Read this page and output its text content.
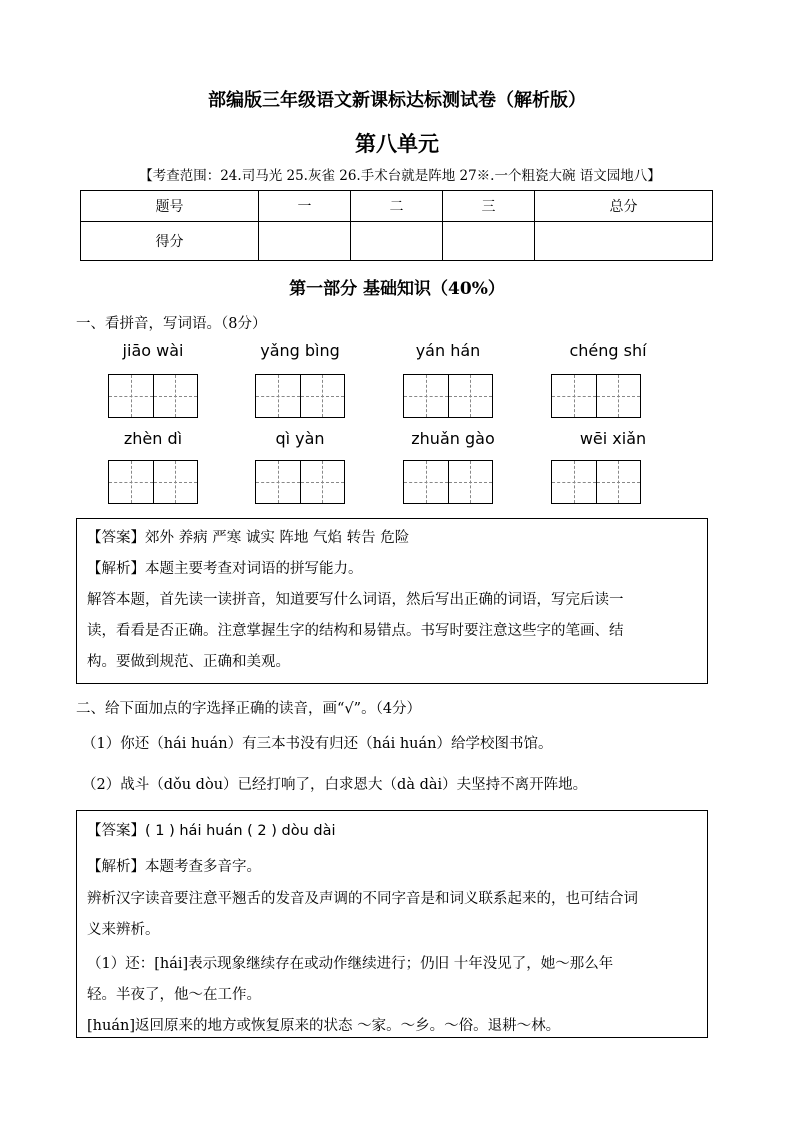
部编版三年级语文新课标达标测试卷（解析版）
第八单元
【考查范围：24.司马光 25.灰雀 26.手术台就是阵地 27※.一个粗瓷大碗 语文园地八】
题号	一	二	三	总分
得分				
第一部分 基础知识（40%）
一、看拼音，写词语。（8分）
jiāo wài	yǎng bìng	yán hán	chéng shí
zhèn dì	qì yàn	zhuǎn gào	wēi xiǎn
【答案】郊外 养病 严寒 诚实 阵地 气焰 转告 危险
【解析】本题主要考查对词语的拼写能力。
解答本题，首先读一读拼音，知道要写什么词语，然后写出正确的词语，写完后读一
读，看看是否正确。注意掌握生字的结构和易错点。书写时要注意这些字的笔画、结
构。要做到规范、正确和美观。
二、给下面加点的字选择正确的读音，画“√”。（4分）
（1）你还（hái huán）有三本书没有归还（hái huán）给学校图书馆。
（2）战斗（dǒu dòu）已经打响了，白求恩大（dà dài）夫坚持不离开阵地。
【答案】( 1 ) hái huán ( 2 ) dòu dài
【解析】本题考查多音字。
辨析汉字读音要注意平翘舌的发音及声调的不同字音是和词义联系起来的，也可结合词
义来辨析。
（1）还：[hái]表示现象继续存在或动作继续进行；仍旧 十年没见了，她～那么年
轻。半夜了，他～在工作。
[huán]返回原来的地方或恢复原来的状态 ～家。～乡。～俗。退耕～林。
